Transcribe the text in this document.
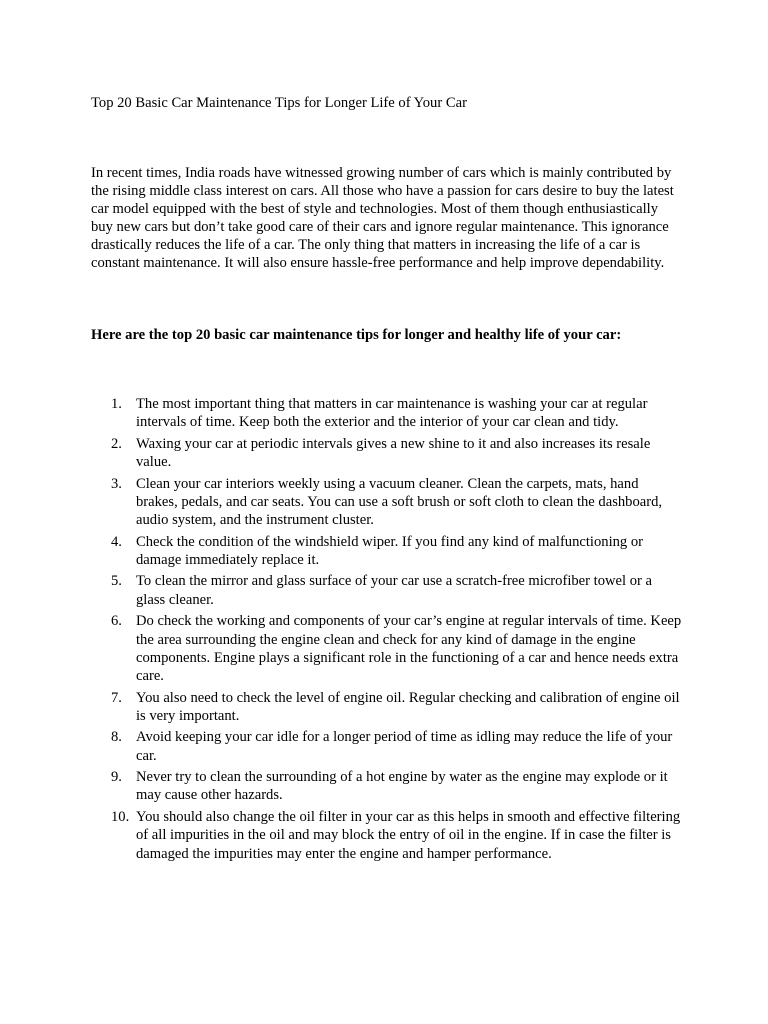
Top 20 Basic Car Maintenance Tips for Longer Life of Your Car

In recent times, India roads have witnessed growing number of cars which is mainly contributed by the rising middle class interest on cars. All those who have a passion for cars desire to buy the latest car model equipped with the best of style and technologies. Most of them though enthusiastically buy new cars but don’t take good care of their cars and ignore regular maintenance. This ignorance drastically reduces the life of a car. The only thing that matters in increasing the life of a car is constant maintenance. It will also ensure hassle-free performance and help improve dependability.

Here are the top 20 basic car maintenance tips for longer and healthy life of your car:
1. The most important thing that matters in car maintenance is washing your car at regular intervals of time. Keep both the exterior and the interior of your car clean and tidy.
2. Waxing your car at periodic intervals gives a new shine to it and also increases its resale value.
3. Clean your car interiors weekly using a vacuum cleaner. Clean the carpets, mats, hand brakes, pedals, and car seats. You can use a soft brush or soft cloth to clean the dashboard, audio system, and the instrument cluster.
4. Check the condition of the windshield wiper. If you find any kind of malfunctioning or damage immediately replace it.
5. To clean the mirror and glass surface of your car use a scratch-free microfiber towel or a glass cleaner.
6. Do check the working and components of your car’s engine at regular intervals of time. Keep the area surrounding the engine clean and check for any kind of damage in the engine components. Engine plays a significant role in the functioning of a car and hence needs extra care.
7. You also need to check the level of engine oil. Regular checking and calibration of engine oil is very important.
8. Avoid keeping your car idle for a longer period of time as idling may reduce the life of your car.
9. Never try to clean the surrounding of a hot engine by water as the engine may explode or it may cause other hazards.
10. You should also change the oil filter in your car as this helps in smooth and effective filtering of all impurities in the oil and may block the entry of oil in the engine. If in case the filter is damaged the impurities may enter the engine and hamper performance.
